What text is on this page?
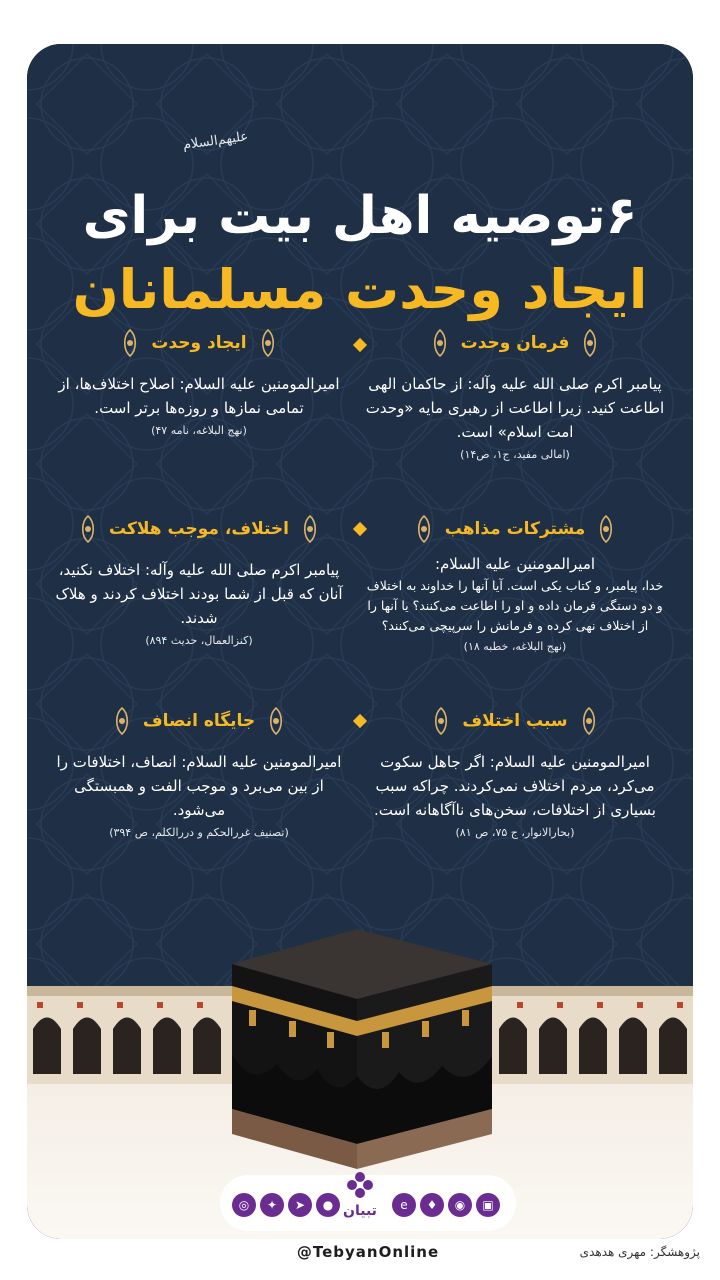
علیهم‌السلام
۶توصیه اهل بیت برای
ایجاد وحدت مسلمانان
فرمان وحدت
پیامبر اکرم صلی الله علیه وآله: از حاکمان الهی اطاعت کنید. زیرا اطاعت از رهبری مایه «وحدت امت اسلام» است.
(امالی مفید، ج۱، ص۱۴)
مشترکات مذاهب
امیرالمومنین علیه السلام:
خدا، پیامبر، و کتاب یکی است. آیا آنها را خداوند به اختلاف و دو دستگی فرمان داده و او را اطاعت می‌کنند؟ یا آنها را از اختلاف نهی کرده و فرمانش را سرپیچی می‌کنند؟
(نهج البلاغه، خطبه ۱۸)
سبب اختلاف
امیرالمومنین علیه السلام: اگر جاهل سکوت می‌کرد، مردم اختلاف نمی‌کردند. چراکه سبب بسیاری از اختلافات، سخن‌های ناآگاهانه است.
(بحارالانوار، ج ۷۵، ص ۸۱)
ایجاد وحدت
امیرالمومنین علیه السلام: اصلاح اختلاف‌ها، از تمامی نمازها و روزه‌ها برتر است.
(نهج البلاغه، نامه ۴۷)
اختلاف، موجب هلاکت
پیامبر اکرم صلی الله علیه وآله: اختلاف نکنید، آنان که قبل از شما بودند اختلاف کردند و هلاک شدند.
(کنزالعمال، حدیث ۸۹۴)
جایگاه انصاف
امیرالمومنین علیه السلام: انصاف، اختلافات را از بین می‌برد و موجب الفت و همبستگی می‌شود.
(تصنیف غررالحکم و دررالکلم، ص ۳۹۴)
◎	✦	➤	●	e	♦	◉	▣
تبیان
@TebyanOnline	پژوهشگر: مهری هدهدی
